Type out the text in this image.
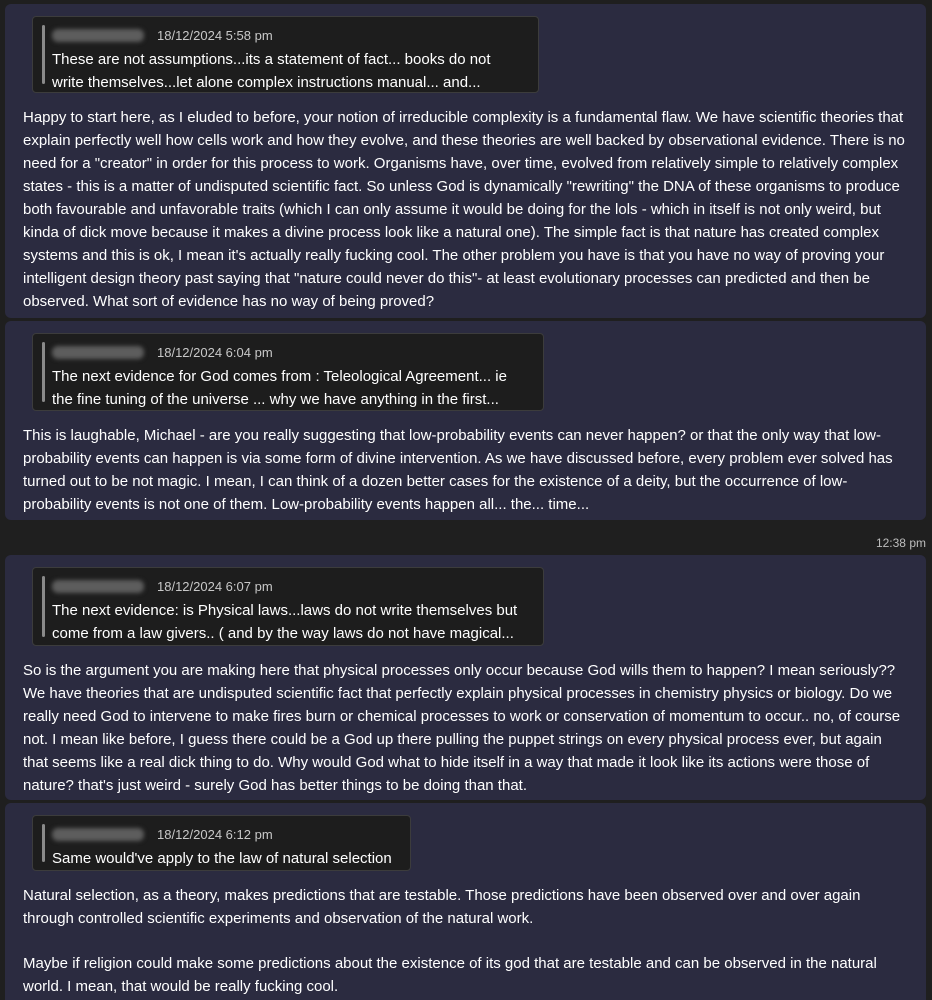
18/12/2024 5:58 pm
These are not assumptions...its a statement of fact... books do not
write themselves...let alone complex instructions manual... and...

Happy to start here, as I eluded to before, your notion of irreducible complexity is a fundamental flaw. We have scientific theories that explain perfectly well how cells work and how they evolve, and these theories are well backed by observational evidence. There is no need for a "creator" in order for this process to work. Organisms have, over time, evolved from relatively simple to relatively complex states - this is a matter of undisputed scientific fact. So unless God is dynamically "rewriting" the DNA of these organisms to produce both favourable and unfavorable traits (which I can only assume it would be doing for the lols - which in itself is not only weird, but kinda of dick move because it makes a divine process look like a natural one). The simple fact is that nature has created complex systems and this is ok, I mean it's actually really fucking cool. The other problem you have is that you have no way of proving your intelligent design theory past saying that "nature could never do this"- at least evolutionary processes can predicted and then be observed. What sort of evidence has no way of being proved?

18/12/2024 6:04 pm
The next evidence for God comes from : Teleological Agreement... ie
the fine tuning of the universe ... why we have anything in the first...

This is laughable, Michael - are you really suggesting that low-probability events can never happen? or that the only way that low-probability events can happen is via some form of divine intervention. As we have discussed before, every problem ever solved has turned out to be not magic. I mean, I can think of a dozen better cases for the existence of a deity, but the occurrence of low-probability events is not one of them. Low-probability events happen all... the... time...

12:38 pm
18/12/2024 6:07 pm
The next evidence: is Physical laws...laws do not write themselves but
come from a law givers.. ( and by the way laws do not have magical...

So is the argument you are making here that physical processes only occur because God wills them to happen? I mean seriously?? We have theories that are undisputed scientific fact that perfectly explain physical processes in chemistry physics or biology. Do we really need God to intervene to make fires burn or chemical processes to work or conservation of momentum to occur.. no, of course not. I mean like before, I guess there could be a God up there pulling the puppet strings on every physical process ever, but again that seems like a real dick thing to do. Why would God what to hide itself in a way that made it look like its actions were those of nature? that's just weird - surely God has better things to be doing than that.

18/12/2024 6:12 pm
Same would've apply to the law of natural selection

Natural selection, as a theory, makes predictions that are testable. Those predictions have been observed over and over again through controlled scientific experiments and observation of the natural work.

Maybe if religion could make some predictions about the existence of its god that are testable and can be observed in the natural world. I mean, that would be really fucking cool.
